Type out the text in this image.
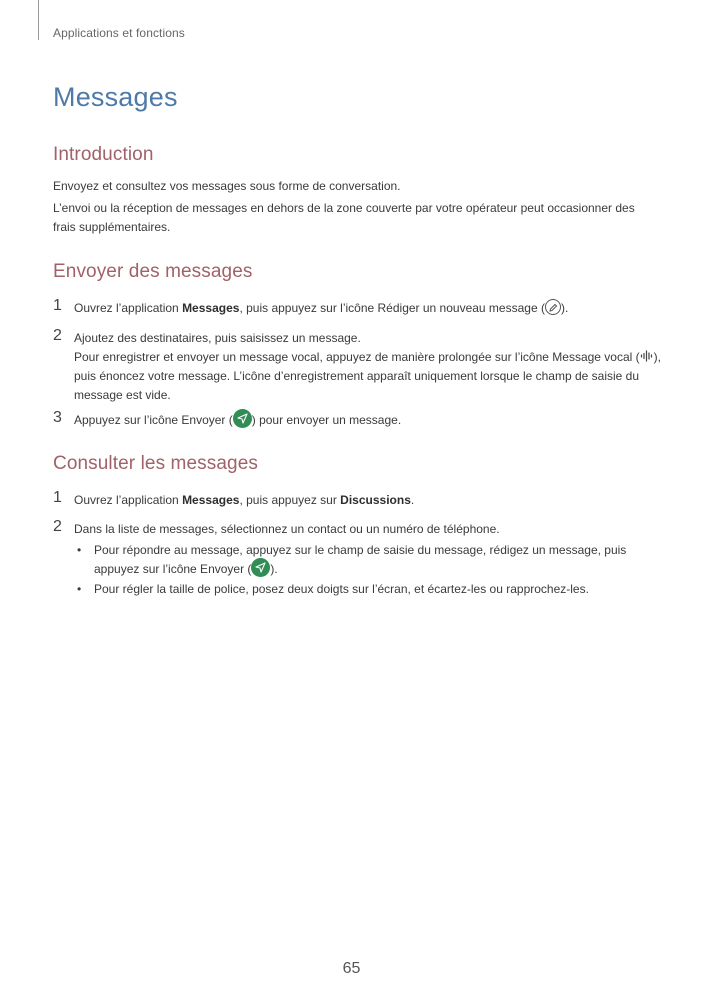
Applications et fonctions
Messages
Introduction
Envoyez et consultez vos messages sous forme de conversation.
L’envoi ou la réception de messages en dehors de la zone couverte par votre opérateur peut occasionner des frais supplémentaires.
Envoyer des messages
1 Ouvrez l’application Messages, puis appuyez sur l’icône Rédiger un nouveau message ( ).
2 Ajoutez des destinataires, puis saisissez un message.
Pour enregistrer et envoyer un message vocal, appuyez de manière prolongée sur l’icône Message vocal ( ), puis énoncez votre message. L’icône d’enregistrement apparaît uniquement lorsque le champ de saisie du message est vide.
3 Appuyez sur l’icône Envoyer ( ) pour envoyer un message.
Consulter les messages
1 Ouvrez l’application Messages, puis appuyez sur Discussions.
2 Dans la liste de messages, sélectionnez un contact ou un numéro de téléphone.
• Pour répondre au message, appuyez sur le champ de saisie du message, rédigez un message, puis appuyez sur l’icône Envoyer ( ).
• Pour régler la taille de police, posez deux doigts sur l’écran, et écartez-les ou rapprochez-les.
65
